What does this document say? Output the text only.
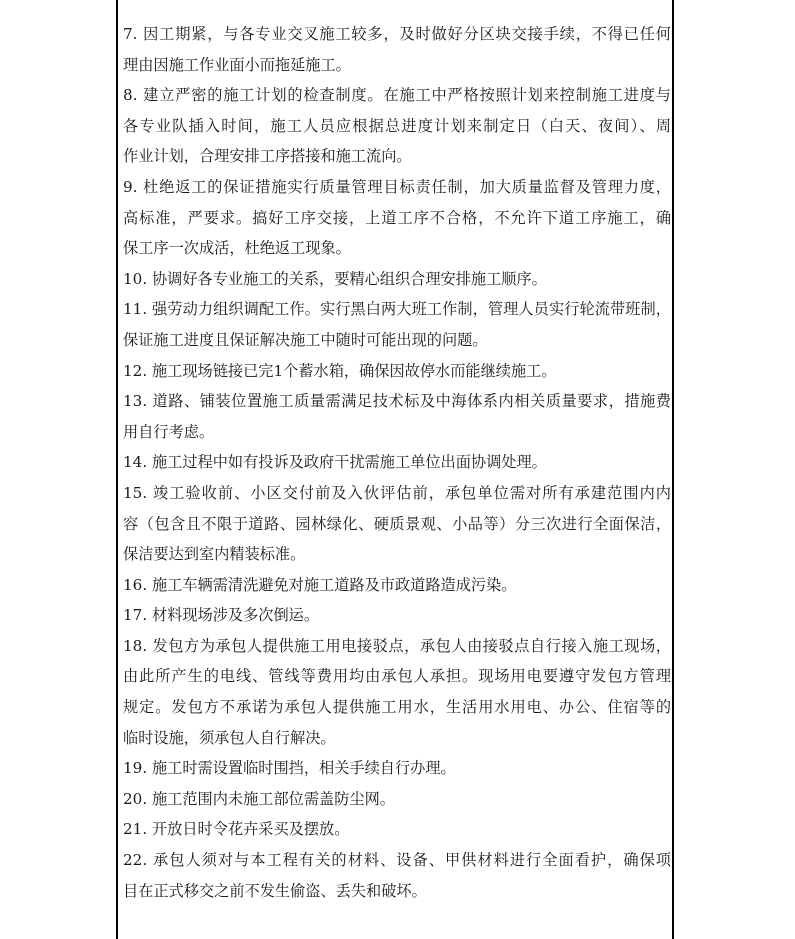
7. 因工期紧，与各专业交叉施工较多，及时做好分区块交接手续，不得已任何
理由因施工作业面小而拖延施工。

8. 建立严密的施工计划的检查制度。在施工中严格按照计划来控制施工进度与
各专业队插入时间，施工人员应根据总进度计划来制定日（白天、夜间）、周
作业计划，合理安排工序搭接和施工流向。

9. 杜绝返工的保证措施实行质量管理目标责任制，加大质量监督及管理力度，
高标准，严要求。搞好工序交接，上道工序不合格，不允许下道工序施工，确
保工序一次成活，杜绝返工现象。

10. 协调好各专业施工的关系，要精心组织合理安排施工顺序。

11. 强劳动力组织调配工作。实行黑白两大班工作制，管理人员实行轮流带班制，
保证施工进度且保证解决施工中随时可能出现的问题。

12. 施工现场链接已完1个蓄水箱，确保因故停水而能继续施工。

13. 道路、铺装位置施工质量需满足技术标及中海体系内相关质量要求，措施费
用自行考虑。

14. 施工过程中如有投诉及政府干扰需施工单位出面协调处理。

15. 竣工验收前、小区交付前及入伙评估前，承包单位需对所有承建范围内内
容（包含且不限于道路、园林绿化、硬质景观、小品等）分三次进行全面保洁，
保洁要达到室内精装标准。

16. 施工车辆需清洗避免对施工道路及市政道路造成污染。

17. 材料现场涉及多次倒运。

18. 发包方为承包人提供施工用电接驳点，承包人由接驳点自行接入施工现场，
由此所产生的电线、管线等费用均由承包人承担。现场用电要遵守发包方管理
规定。发包方不承诺为承包人提供施工用水，生活用水用电、办公、住宿等的
临时设施，须承包人自行解决。

19. 施工时需设置临时围挡，相关手续自行办理。

20. 施工范围内未施工部位需盖防尘网。

21. 开放日时令花卉采买及摆放。

22. 承包人须对与本工程有关的材料、设备、甲供材料进行全面看护，确保项
目在正式移交之前不发生偷盗、丢失和破坏。
